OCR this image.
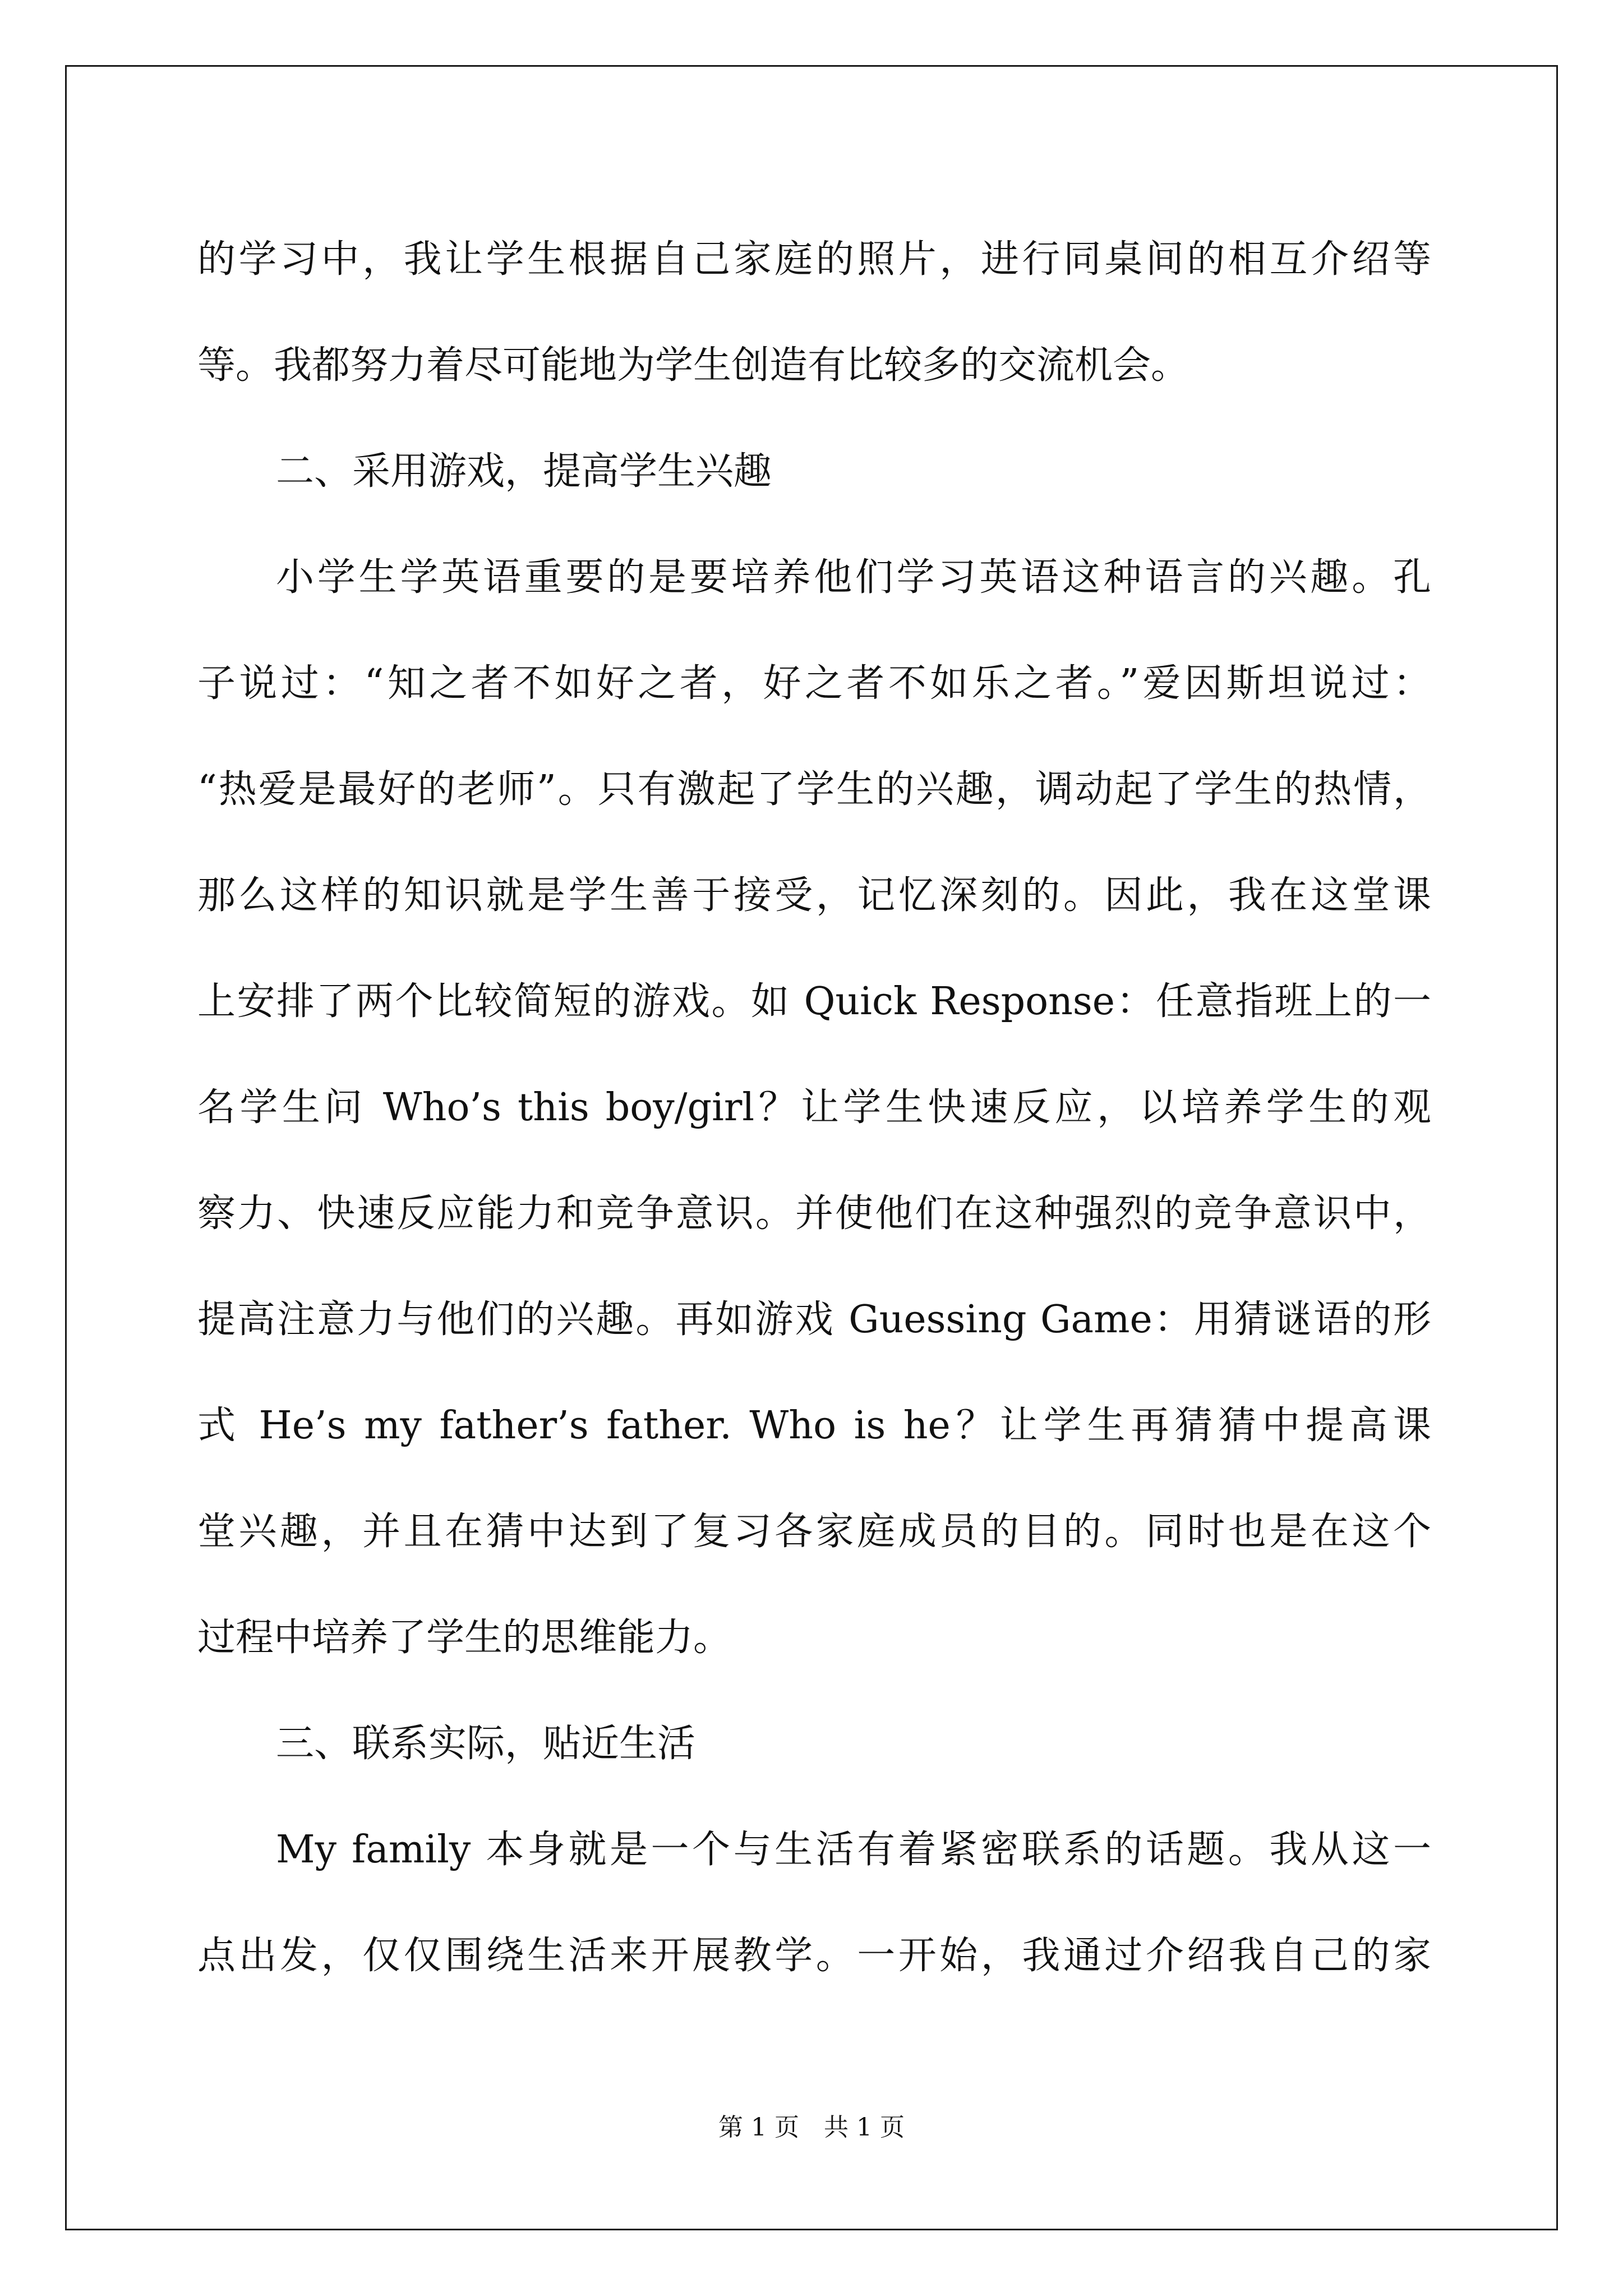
的学习中，我让学生根据自己家庭的照片，进行同桌间的相互介绍等
等。我都努力着尽可能地为学生创造有比较多的交流机会。
二、采用游戏，提高学生兴趣
小学生学英语重要的是要培养他们学习英语这种语言的兴趣。孔
子说过：“知之者不如好之者，好之者不如乐之者。”爱因斯坦说过：
“热爱是最好的老师”。只有激起了学生的兴趣，调动起了学生的热情，
那么这样的知识就是学生善于接受，记忆深刻的。因此，我在这堂课
上安排了两个比较简短的游戏。如 Quick Response：任意指班上的一
名学生问 Who’s this boy/girl？让学生快速反应，以培养学生的观
察力、快速反应能力和竞争意识。并使他们在这种强烈的竞争意识中，
提高注意力与他们的兴趣。再如游戏 Guessing Game：用猜谜语的形
式 He’s my father’s father. Who is he？让学生再猜猜中提高课
堂兴趣，并且在猜中达到了复习各家庭成员的目的。同时也是在这个
过程中培养了学生的思维能力。
三、联系实际，贴近生活
My family 本身就是一个与生活有着紧密联系的话题。我从这一
点出发，仅仅围绕生活来开展教学。一开始，我通过介绍我自己的家
第 1 页　共 1 页
